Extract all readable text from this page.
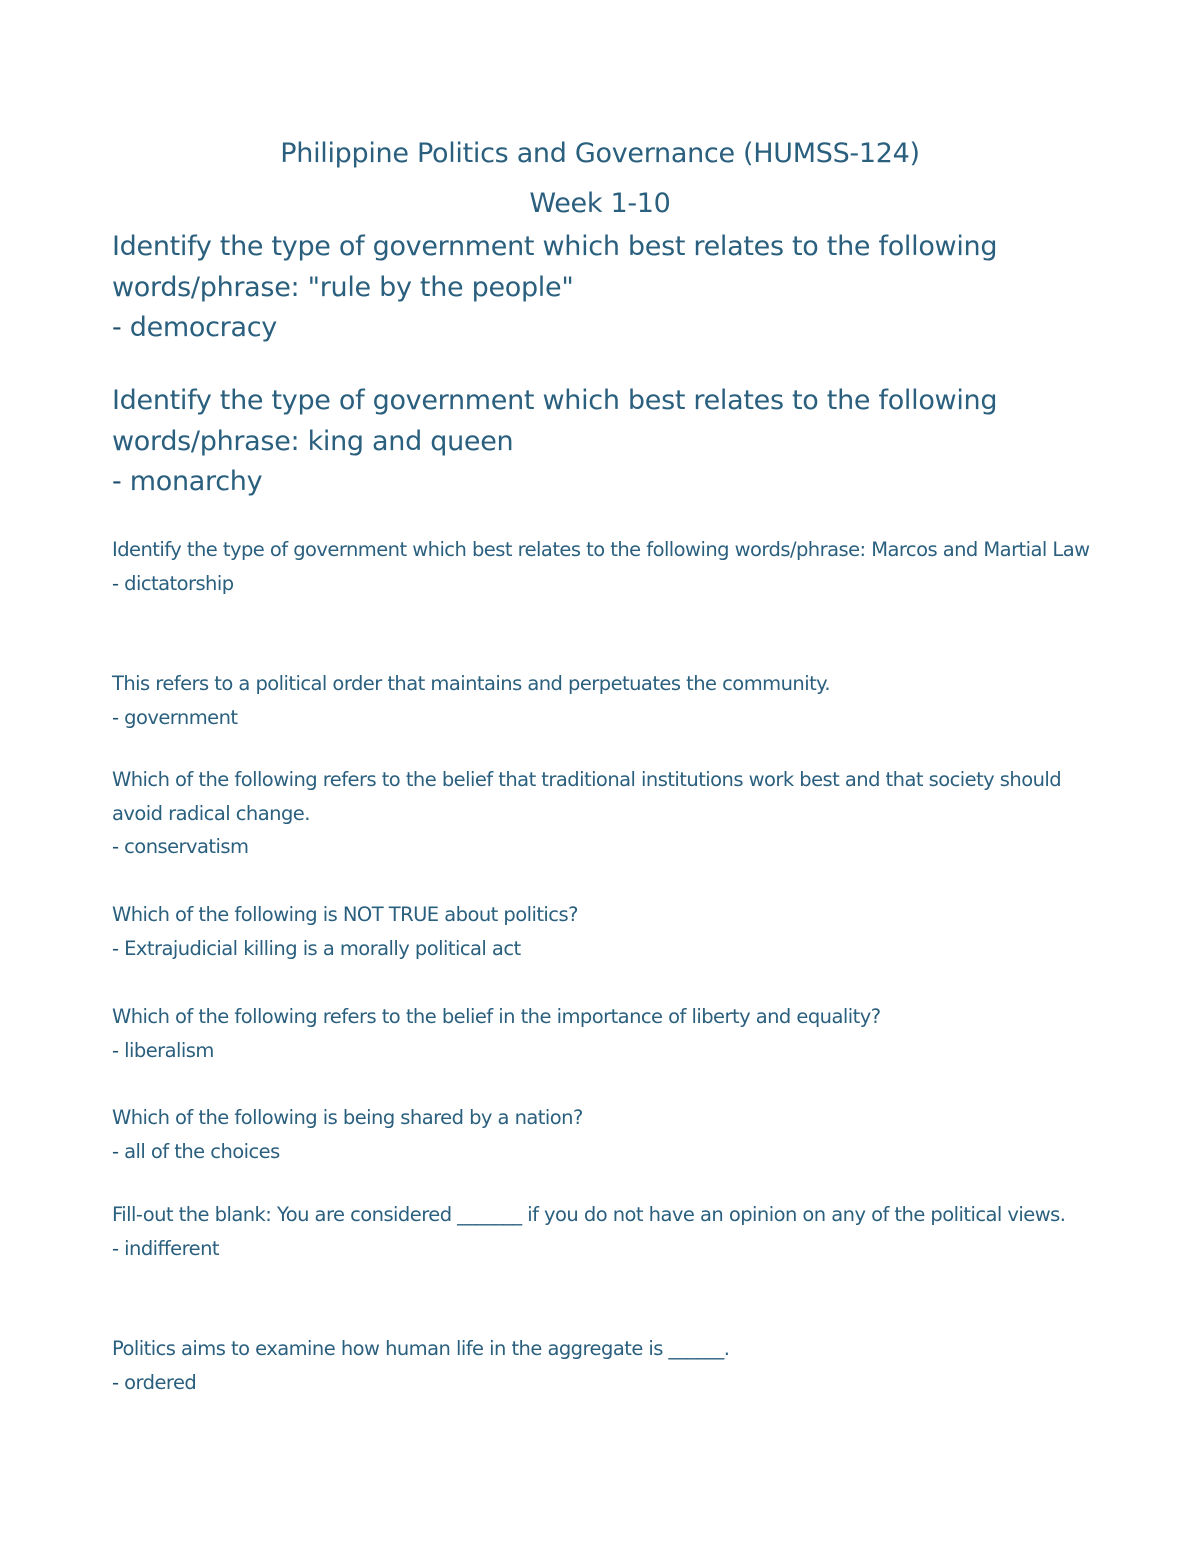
Philippine Politics and Governance (HUMSS-124)
Week 1-10
Identify the type of government which best relates to the following words/phrase: "rule by the people"
- democracy
Identify the type of government which best relates to the following words/phrase: king and queen
- monarchy
Identify the type of government which best relates to the following words/phrase: Marcos and Martial Law
- dictatorship
This refers to a political order that maintains and perpetuates the community.
- government
Which of the following refers to the belief that traditional institutions work best and that society should avoid radical change.
- conservatism
Which of the following is NOT TRUE about politics?
- Extrajudicial killing is a morally political act
Which of the following refers to the belief in the importance of liberty and equality?
- liberalism
Which of the following is being shared by a nation?
- all of the choices
Fill-out the blank: You are considered _______ if you do not have an opinion on any of the political views.
- indifferent
Politics aims to examine how human life in the aggregate is ______.
- ordered
